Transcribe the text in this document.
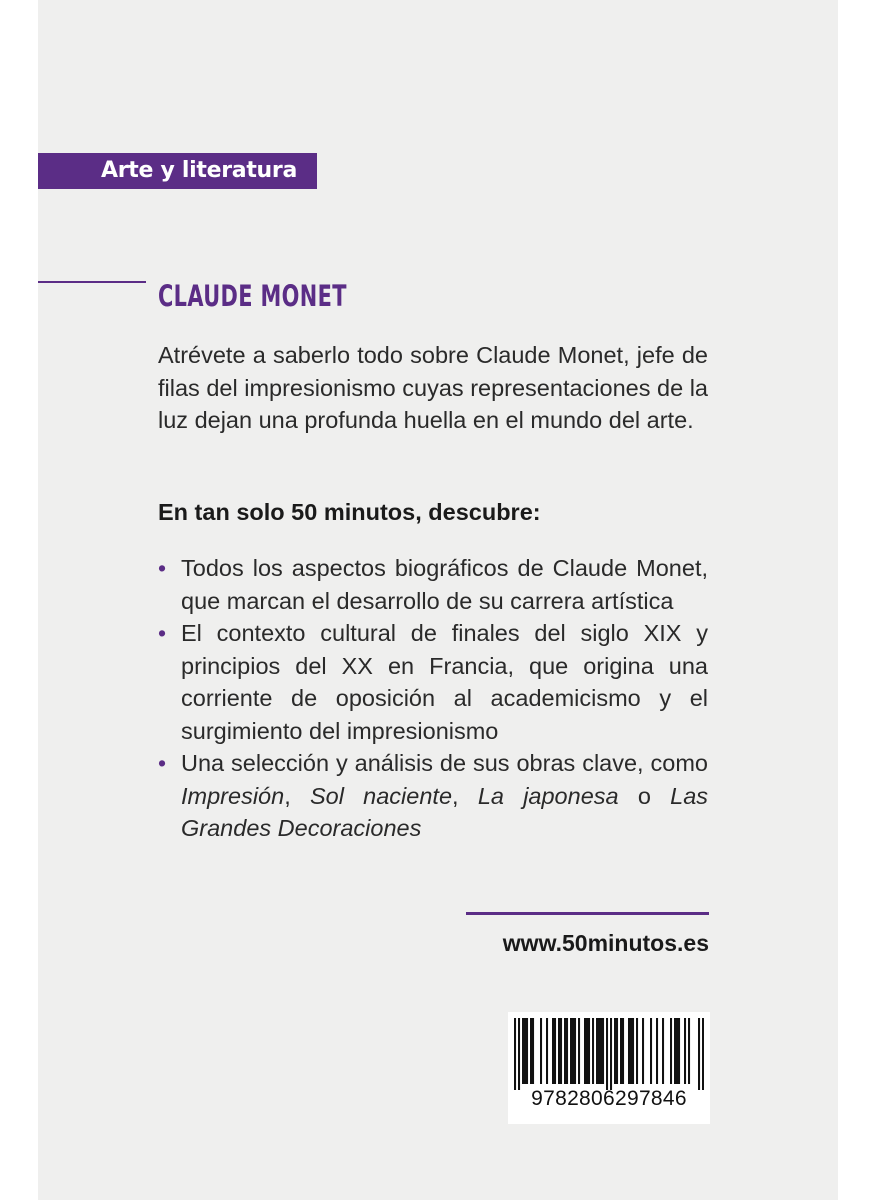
Arte y literatura
CLAUDE MONET

Atrévete a saberlo todo sobre Claude Monet, jefe de filas del impresionismo cuyas representaciones de la luz dejan una profunda huella en el mundo del arte.

En tan solo 50 minutos, descubre:

• Todos los aspectos biográficos de Claude Monet, que marcan el desarrollo de su carrera artística
• El contexto cultural de finales del siglo XIX y principios del XX en Francia, que origina una corriente de oposición al academicismo y el surgimiento del impresionismo
• Una selección y análisis de sus obras clave, como Impresión, Sol naciente, La japonesa o Las Grandes Decoraciones
www.50minutos.es
9782806297846
